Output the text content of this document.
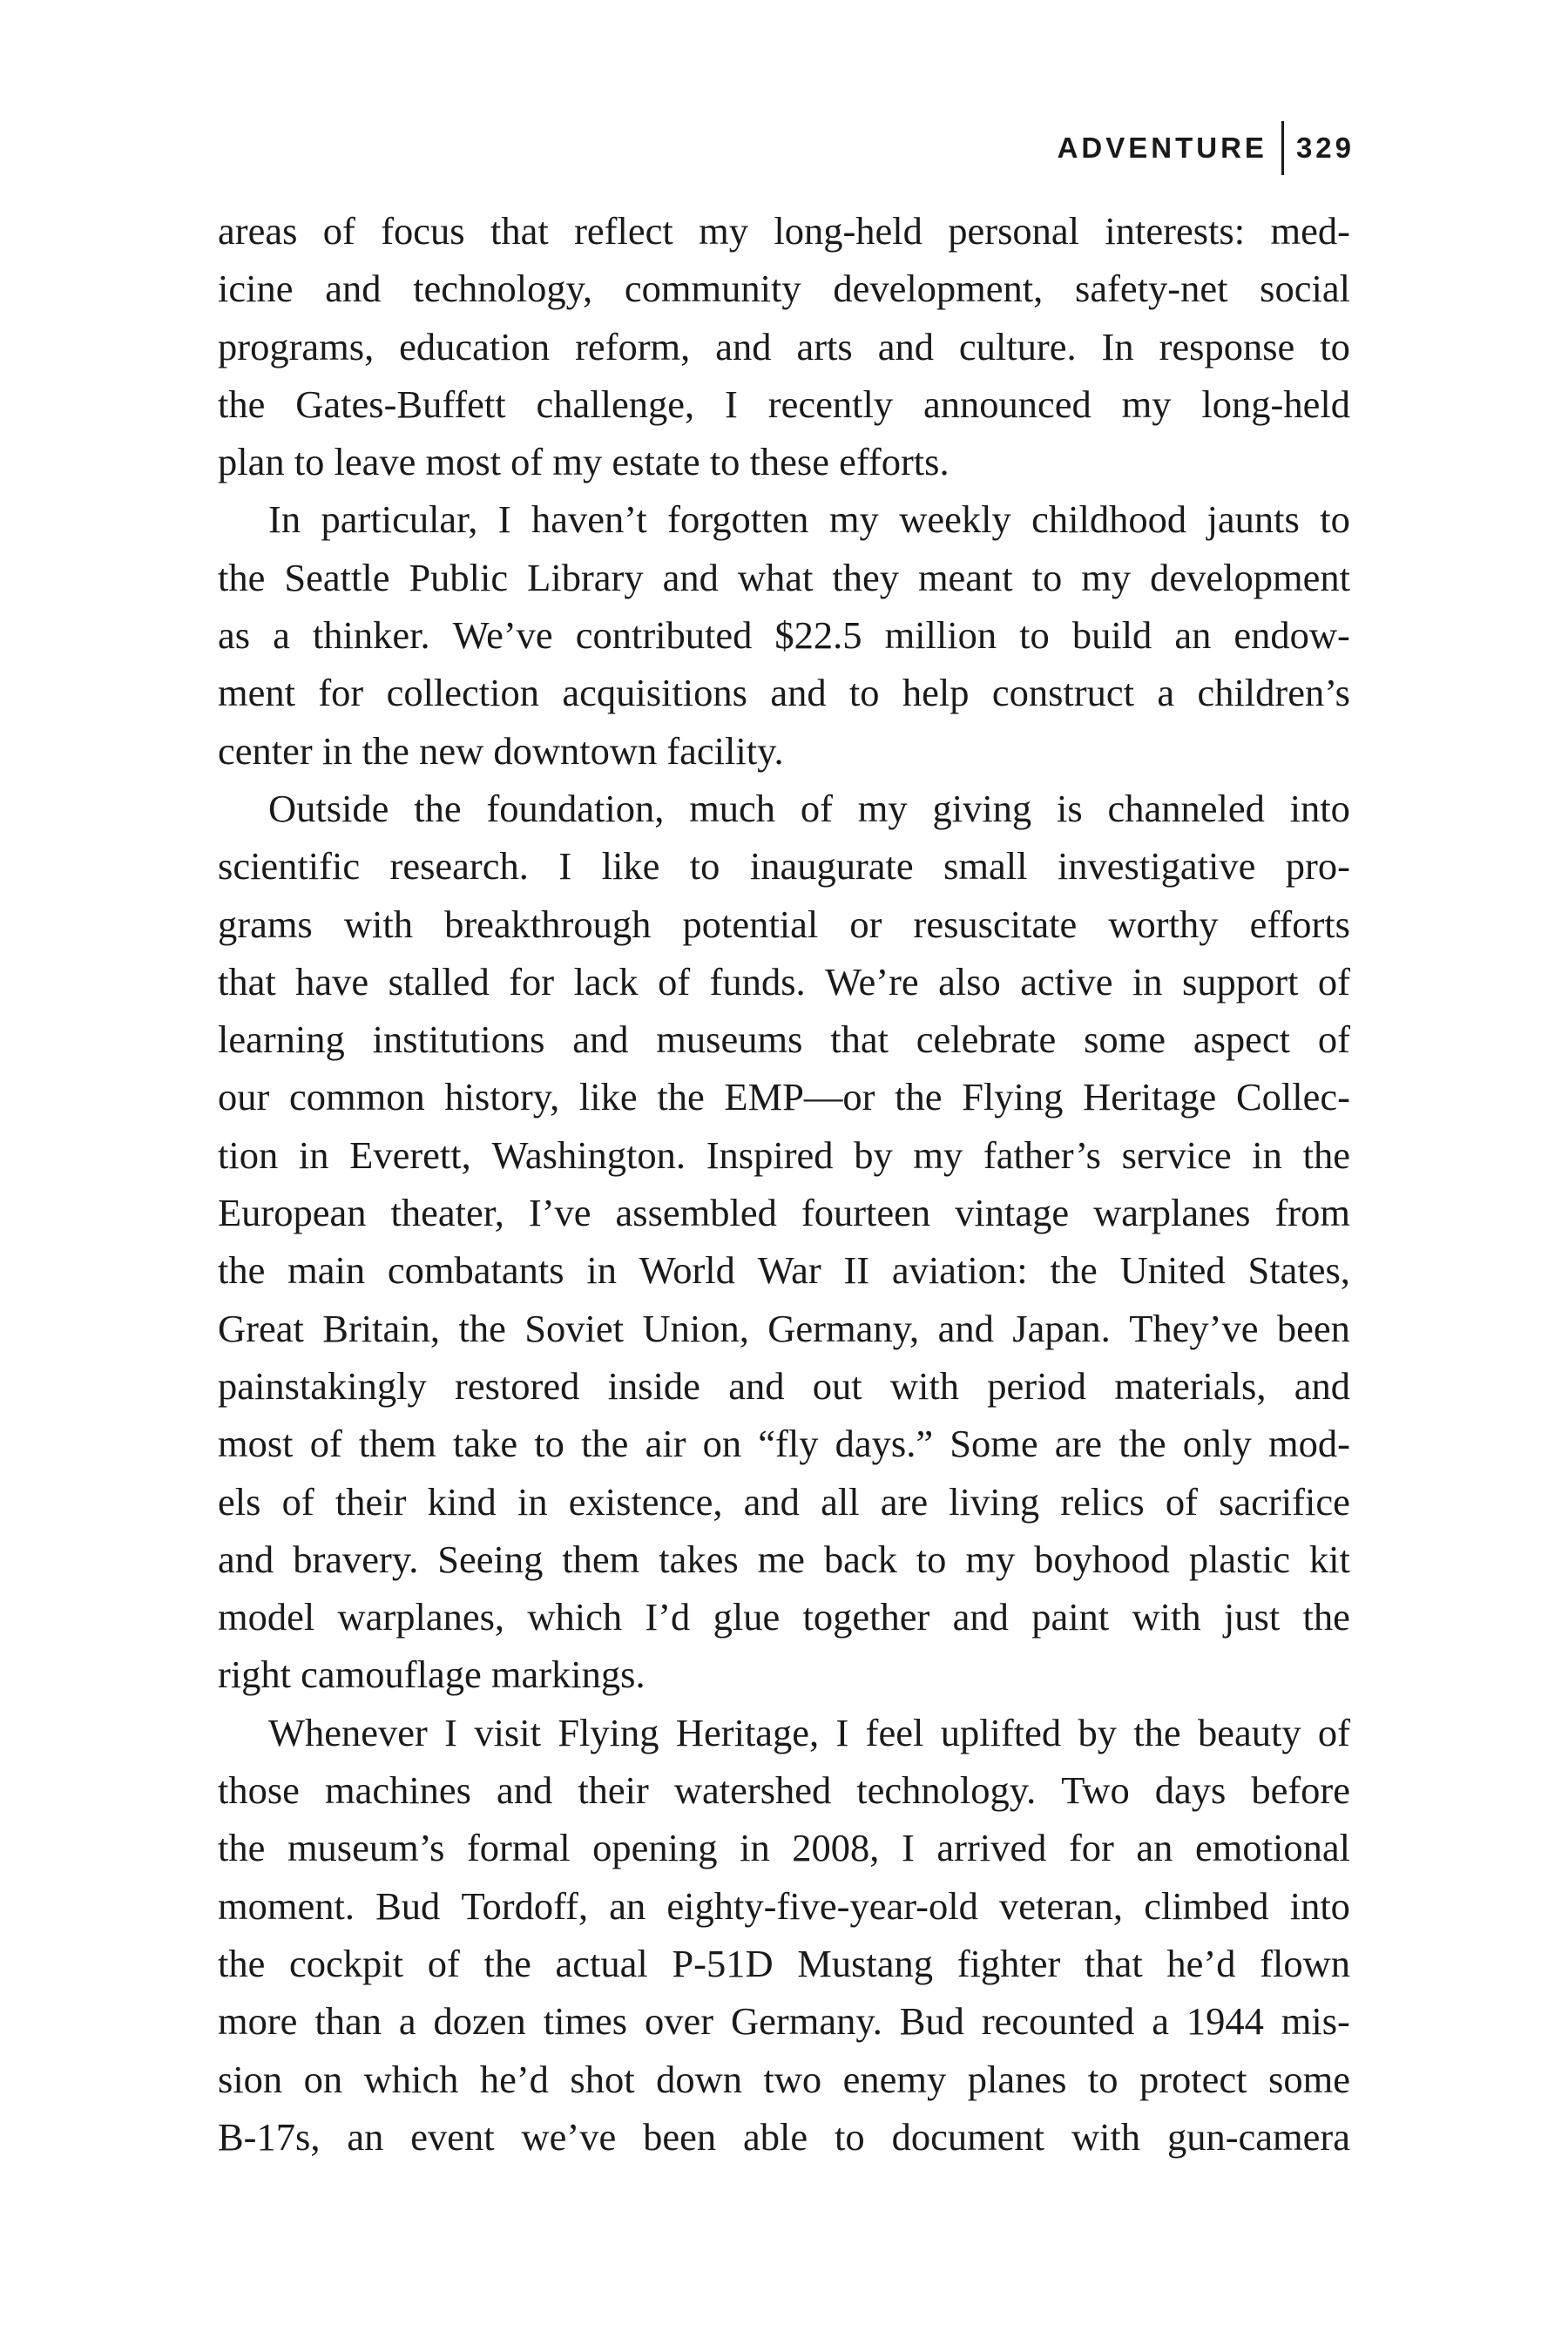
ADVENTURE 329
areas of focus that reflect my long-held personal interests: med-
icine and technology, community development, safety-net social
programs, education reform, and arts and culture. In response to
the Gates-Buffett challenge, I recently announced my long-held
plan
to
leave
most
of
my
estate
to
these
efforts.
In particular, I haven’t forgotten my weekly childhood jaunts to
the Seattle Public Library and what they meant to my development
as a thinker. We’ve contributed $22.5 million to build an endow-
ment for collection acquisitions and to help construct a children’s
center
in
the
new
downtown
facility.
Outside the foundation, much of my giving is channeled into
scientific research. I like to inaugurate small investigative pro-
grams with breakthrough potential or resuscitate worthy efforts
that have stalled for lack of funds. We’re also active in support of
learning institutions and museums that celebrate some aspect of
our common history, like the EMP—or the Flying Heritage Collec-
tion in Everett, Washington. Inspired by my father’s service in the
European theater, I’ve assembled fourteen vintage warplanes from
the main combatants in World War II aviation: the United States,
Great Britain, the Soviet Union, Germany, and Japan. They’ve been
painstakingly restored inside and out with period materials, and
most of them take to the air on “fly days.” Some are the only mod-
els of their kind in existence, and all are living relics of sacrifice
and bravery. Seeing them takes me back to my boyhood plastic kit
model warplanes, which I’d glue together and paint with just the
right
camouflage
markings.
Whenever I visit Flying Heritage, I feel uplifted by the beauty of
those machines and their watershed technology. Two days before
the museum’s formal opening in 2008, I arrived for an emotional
moment. Bud Tordoff, an eighty-five-year-old veteran, climbed into
the cockpit of the actual P-51D Mustang fighter that he’d flown
more than a dozen times over Germany. Bud recounted a 1944 mis-
sion on which he’d shot down two enemy planes to protect some
B-17s, an event we’ve been able to document with gun-camera
